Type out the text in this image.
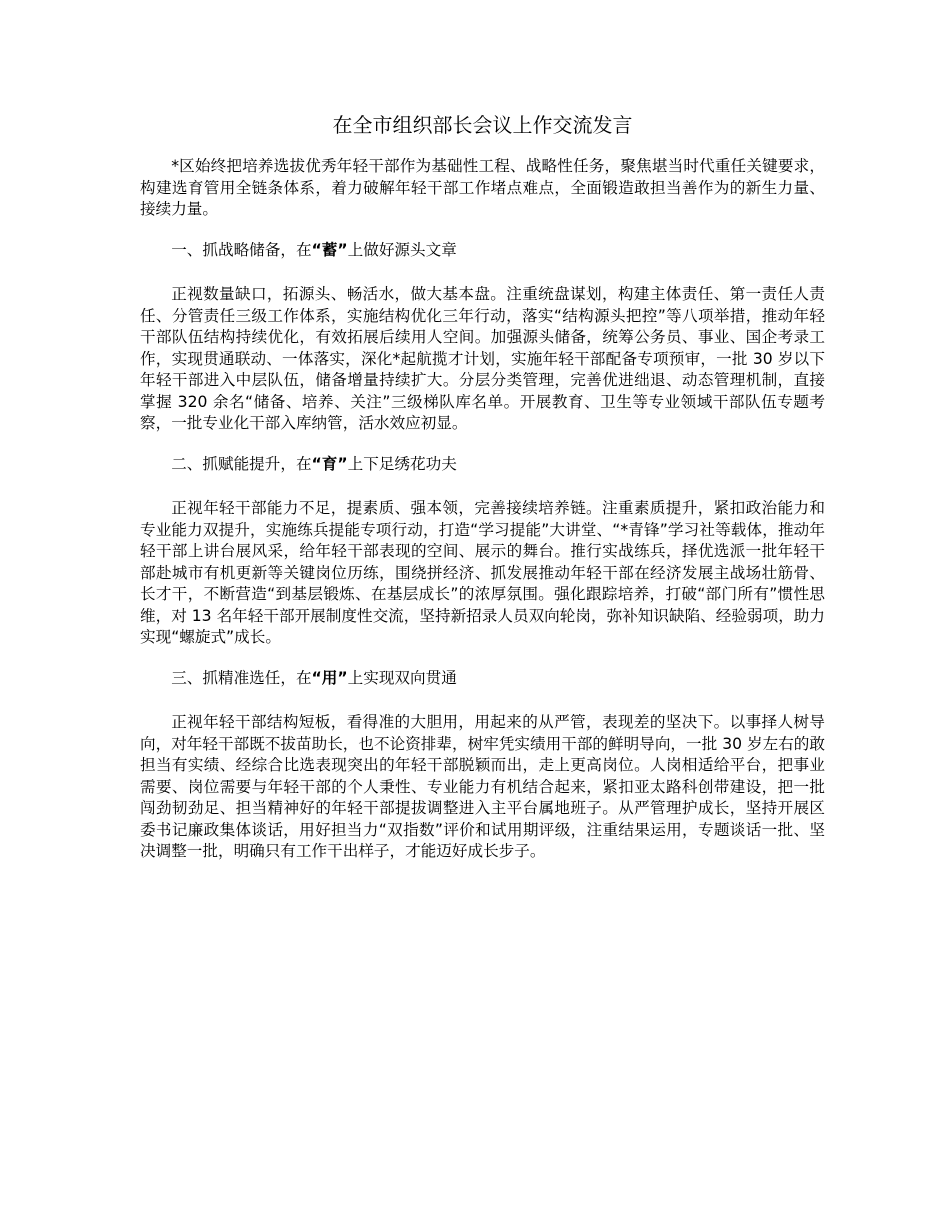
在全市组织部长会议上作交流发言

*区始终把培养选拔优秀年轻干部作为基础性工程、战略性任务，聚焦堪当时代重任关键要求，构建选育管用全链条体系，着力破解年轻干部工作堵点难点，全面锻造敢担当善作为的新生力量、接续力量。

一、抓战略储备，在“蓄”上做好源头文章

正视数量缺口，拓源头、畅活水，做大基本盘。注重统盘谋划，构建主体责任、第一责任人责任、分管责任三级工作体系，实施结构优化三年行动，落实“结构源头把控”等八项举措，推动年轻干部队伍结构持续优化，有效拓展后续用人空间。加强源头储备，统筹公务员、事业、国企考录工作，实现贯通联动、一体落实，深化*起航揽才计划，实施年轻干部配备专项预审，一批 30 岁以下年轻干部进入中层队伍，储备增量持续扩大。分层分类管理，完善优进绌退、动态管理机制，直接掌握 320 余名“储备、培养、关注”三级梯队库名单。开展教育、卫生等专业领域干部队伍专题考察，一批专业化干部入库纳管，活水效应初显。

二、抓赋能提升，在“育”上下足绣花功夫

正视年轻干部能力不足，提素质、强本领，完善接续培养链。注重素质提升，紧扣政治能力和专业能力双提升，实施练兵提能专项行动，打造“学习提能”大讲堂、“*青锋”学习社等载体，推动年轻干部上讲台展风采，给年轻干部表现的空间、展示的舞台。推行实战练兵，择优选派一批年轻干部赴城市有机更新等关键岗位历练，围绕拼经济、抓发展推动年轻干部在经济发展主战场壮筋骨、长才干，不断营造“到基层锻炼、在基层成长”的浓厚氛围。强化跟踪培养，打破“部门所有”惯性思维，对 13 名年轻干部开展制度性交流，坚持新招录人员双向轮岗，弥补知识缺陷、经验弱项，助力实现“螺旋式”成长。

三、抓精准选任，在“用”上实现双向贯通

正视年轻干部结构短板，看得准的大胆用，用起来的从严管，表现差的坚决下。以事择人树导向，对年轻干部既不拔苗助长，也不论资排辈，树牢凭实绩用干部的鲜明导向，一批 30 岁左右的敢担当有实绩、经综合比选表现突出的年轻干部脱颖而出，走上更高岗位。人岗相适给平台，把事业需要、岗位需要与年轻干部的个人秉性、专业能力有机结合起来，紧扣亚太路科创带建设，把一批闯劲韧劲足、担当精神好的年轻干部提拔调整进入主平台属地班子。从严管理护成长，坚持开展区委书记廉政集体谈话，用好担当力“双指数”评价和试用期评级，注重结果运用，专题谈话一批、坚决调整一批，明确只有工作干出样子，才能迈好成长步子。
